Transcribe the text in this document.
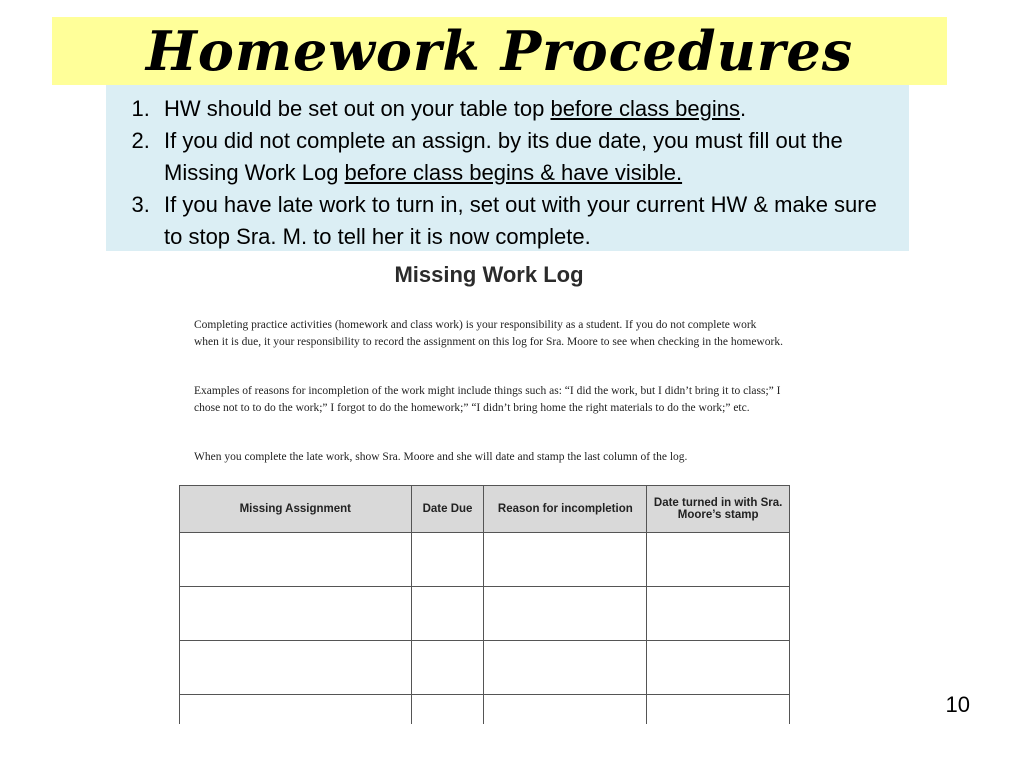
Homework Procedures
1. HW should be set out on your table top before class begins.
2. If you did not complete an assign. by its due date, you must fill out the Missing Work Log before class begins & have visible.
3. If you have late work to turn in, set out with your current HW & make sure to stop Sra. M. to tell her it is now complete.
Missing Work Log

Completing practice activities (homework and class work) is your responsibility as a student. If you do not complete work when it is due, it your responsibility to record the assignment on this log for Sra. Moore to see when checking in the homework.

Examples of reasons for incompletion of the work might include things such as: “I did the work, but I didn’t bring it to class;” I chose not to to do the work;” I forgot to do the homework;” “I didn’t bring home the right materials to do the work;” etc.

When you complete the late work, show Sra. Moore and she will date and stamp the last column of the log.

Missing Assignment	Date Due	Reason for incompletion	Date turned in with Sra. Moore’s stamp

10
